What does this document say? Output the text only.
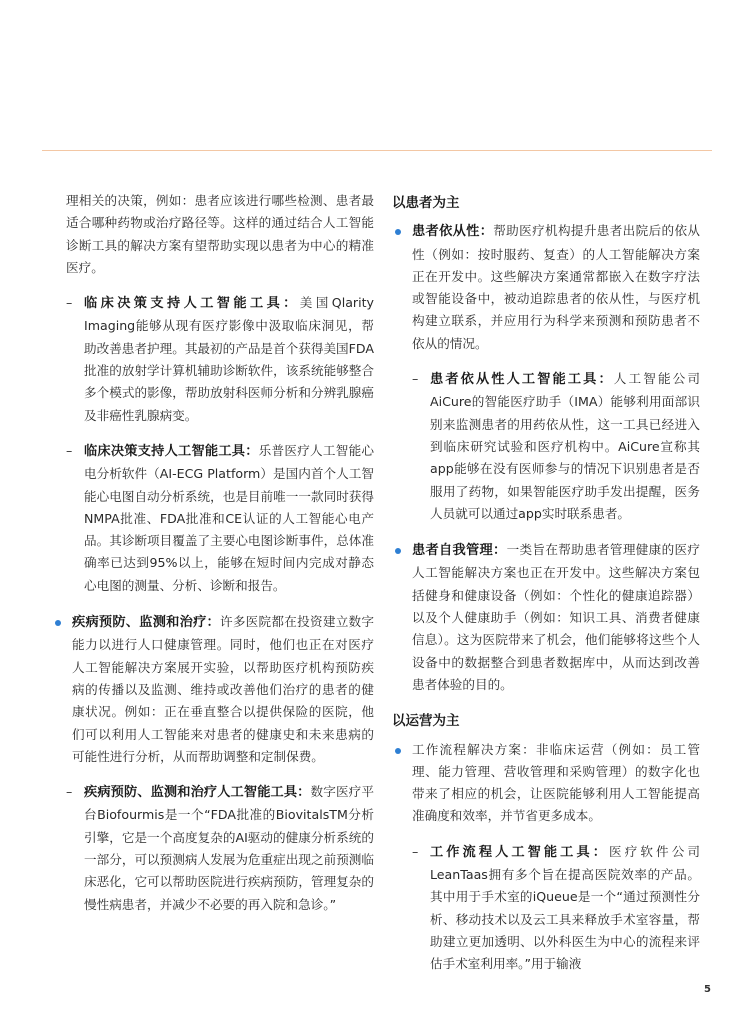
理相关的决策，例如：患者应该进行哪些检测、患者最适合哪种药物或治疗路径等。这样的通过结合人工智能诊断工具的解决方案有望帮助实现以患者为中心的精准医疗。

– 临床决策支持人工智能工具：美国Qlarity Imaging能够从现有医疗影像中汲取临床洞见，帮助改善患者护理。其最初的产品是首个获得美国FDA批准的放射学计算机辅助诊断软件，该系统能够整合多个模式的影像，帮助放射科医师分析和分辨乳腺癌及非癌性乳腺病变。
– 临床决策支持人工智能工具：乐普医疗人工智能心电分析软件（AI-ECG Platform）是国内首个人工智能心电图自动分析系统，也是目前唯一一款同时获得NMPA批准、FDA批准和CE认证的人工智能心电产品。其诊断项目覆盖了主要心电图诊断事件，总体准确率已达到95%以上，能够在短时间内完成对静态心电图的测量、分析、诊断和报告。
疾病预防、监测和治疗：许多医院都在投资建立数字能力以进行人口健康管理。同时，他们也正在对医疗人工智能解决方案展开实验，以帮助医疗机构预防疾病的传播以及监测、维持或改善他们治疗的患者的健康状况。例如：正在垂直整合以提供保险的医院，他们可以利用人工智能来对患者的健康史和未来患病的可能性进行分析，从而帮助调整和定制保费。
– 疾病预防、监测和治疗人工智能工具：数字医疗平台Biofourmis是一个“FDA批准的BiovitalsTM分析引擎，它是一个高度复杂的AI驱动的健康分析系统的一部分，可以预测病人发展为危重症出现之前预测临床恶化，它可以帮助医院进行疾病预防，管理复杂的慢性病患者，并减少不必要的再入院和急诊。”

以患者为主

患者依从性：帮助医疗机构提升患者出院后的依从性（例如：按时服药、复查）的人工智能解决方案正在开发中。这些解决方案通常都嵌入在数字疗法或智能设备中，被动追踪患者的依从性，与医疗机构建立联系，并应用行为科学来预测和预防患者不依从的情况。
– 患者依从性人工智能工具：人工智能公司AiCure的智能医疗助手（IMA）能够利用面部识别来监测患者的用药依从性，这一工具已经进入到临床研究试验和医疗机构中。AiCure宣称其app能够在没有医师参与的情况下识别患者是否服用了药物，如果智能医疗助手发出提醒，医务人员就可以通过app实时联系患者。
患者自我管理：一类旨在帮助患者管理健康的医疗人工智能解决方案也正在开发中。这些解决方案包括健身和健康设备（例如：个性化的健康追踪器）以及个人健康助手（例如：知识工具、消费者健康信息）。这为医院带来了机会，他们能够将这些个人设备中的数据整合到患者数据库中，从而达到改善患者体验的目的。

以运营为主

工作流程解决方案：非临床运营（例如：员工管理、能力管理、营收管理和采购管理）的数字化也带来了相应的机会，让医院能够利用人工智能提高准确度和效率，并节省更多成本。
– 工作流程人工智能工具：医疗软件公司LeanTaas拥有多个旨在提高医院效率的产品。其中用于手术室的iQueue是一个“通过预测性分析、移动技术以及云工具来释放手术室容量，帮助建立更加透明、以外科医生为中心的流程来评估手术室利用率。”用于输液
5
